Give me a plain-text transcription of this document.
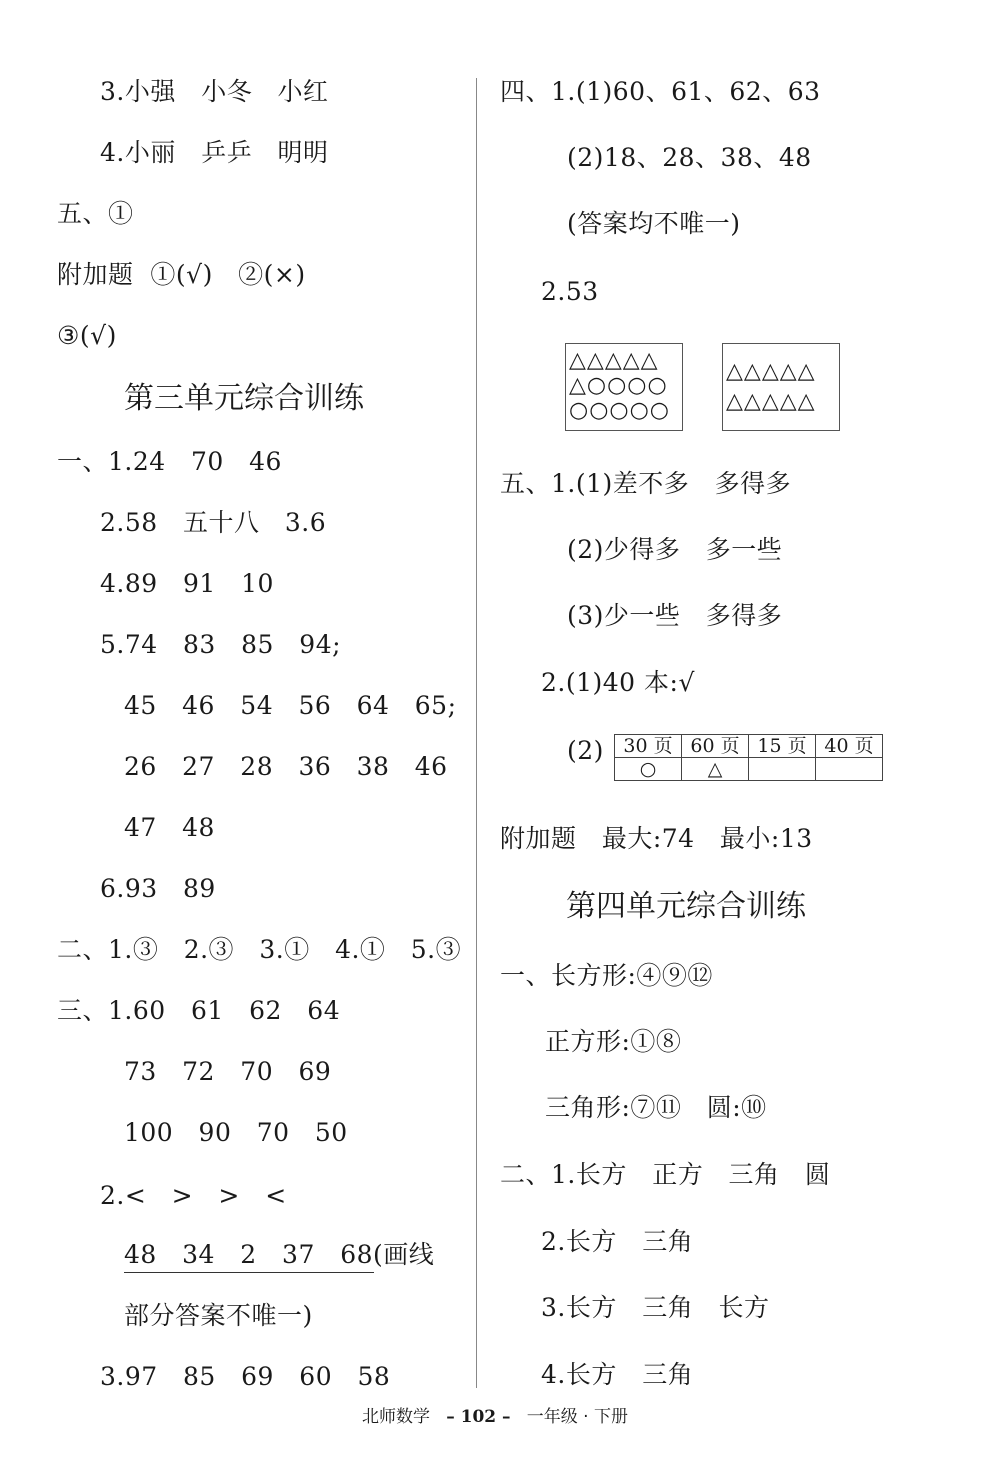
3.小强   小冬   小红
4.小丽   乒乒   明明
五、①
附加题  ①(√)   ②(×)
③(√)
第三单元综合训练
一、1.24   70   46
2.58   五十八   3.6
4.89   91   10
5.74   83   85   94;
45   46   54   56   64   65;
26   27   28   36   38   46
47   48
6.93   89
二、1.③   2.③   3.①   4.①   5.③
三、1.60   61   62   64
73   72   70   69
100   90   70   50
2.<   >   >   <
48   34   2   37   68(画线
部分答案不唯一)
3.97   85   69   60   58
四、1.(1)60、61、62、63
(2)18、28、38、48
(答案均不唯一)
2.53
△△△△△
△○○○○
○○○○○
△△△△△
△△△△△
五、1.(1)差不多   多得多
(2)少得多   多一些
(3)少一些   多得多
2.(1)40 本:√
(2) 30 页	60 页	15 页	40 页
○	△		
附加题   最大:74   最小:13
第四单元综合训练
一、长方形:④⑨⑫
正方形:①⑧
三角形:⑦⑪   圆:⑩
二、1.长方   正方   三角   圆
2.长方   三角
3.长方   三角   长方
4.长方   三角
北师数学 – 102 – 一年级 · 下册
